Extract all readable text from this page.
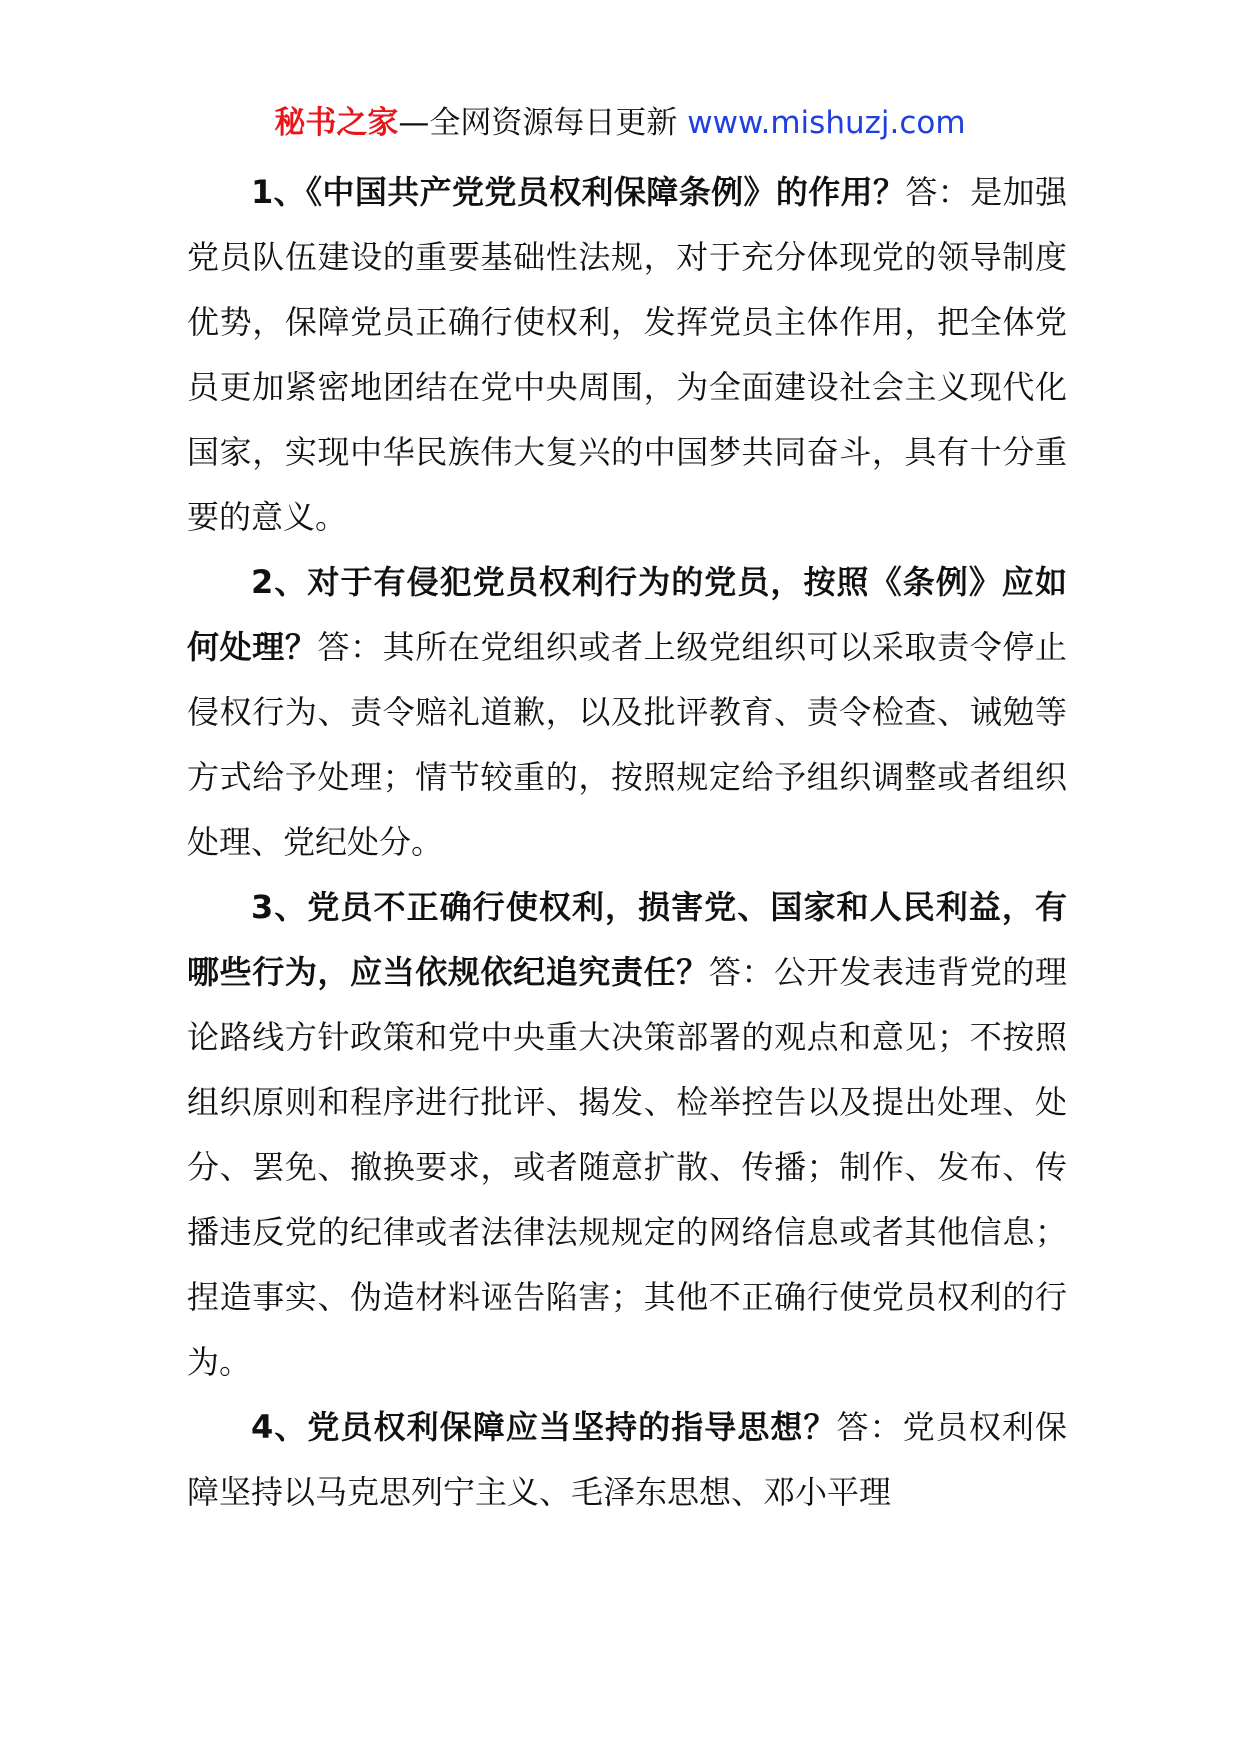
秘书之家—全网资源每日更新 www.mishuzj.com

1、《中国共产党党员权利保障条例》的作用？答：是加强党员队伍建设的重要基础性法规，对于充分体现党的领导制度优势，保障党员正确行使权利，发挥党员主体作用，把全体党员更加紧密地团结在党中央周围，为全面建设社会主义现代化国家，实现中华民族伟大复兴的中国梦共同奋斗，具有十分重要的意义。

2、对于有侵犯党员权利行为的党员，按照《条例》应如何处理？答：其所在党组织或者上级党组织可以采取责令停止侵权行为、责令赔礼道歉，以及批评教育、责令检查、诫勉等方式给予处理；情节较重的，按照规定给予组织调整或者组织处理、党纪处分。

3、党员不正确行使权利，损害党、国家和人民利益，有哪些行为，应当依规依纪追究责任？答：公开发表违背党的理论路线方针政策和党中央重大决策部署的观点和意见；不按照组织原则和程序进行批评、揭发、检举控告以及提出处理、处分、罢免、撤换要求，或者随意扩散、传播；制作、发布、传播违反党的纪律或者法律法规规定的网络信息或者其他信息；捏造事实、伪造材料诬告陷害；其他不正确行使党员权利的行为。

4、党员权利保障应当坚持的指导思想？答：党员权利保障坚持以马克思列宁主义、毛泽东思想、邓小平理
